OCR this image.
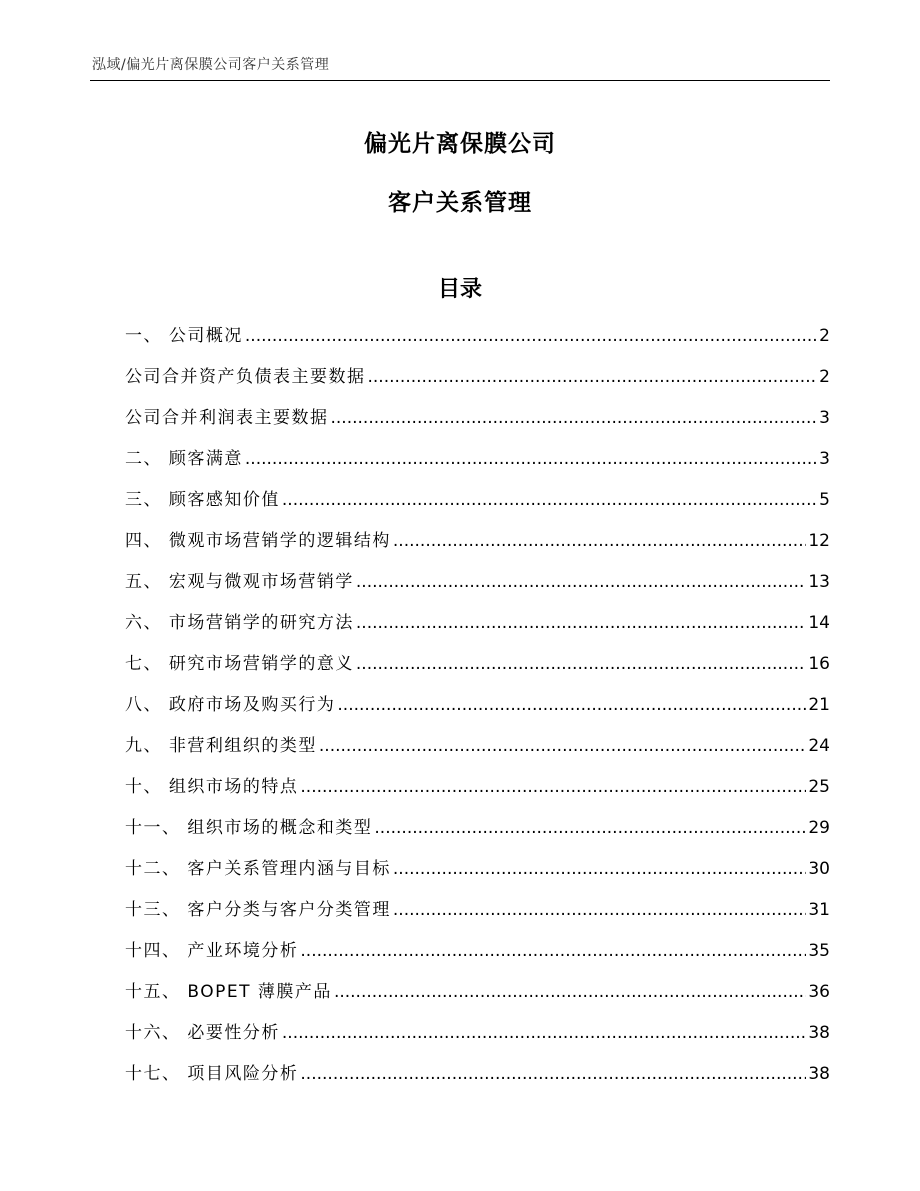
泓域/偏光片离保膜公司客户关系管理
偏光片离保膜公司
客户关系管理
目录
一、 公司概况 .....	2
公司合并资产负债表主要数据 .....	2
公司合并利润表主要数据 .....	3
二、 顾客满意 .....	3
三、 顾客感知价值 .....	5
四、 微观市场营销学的逻辑结构 .....	12
五、 宏观与微观市场营销学 .....	13
六、 市场营销学的研究方法 .....	14
七、 研究市场营销学的意义 .....	16
八、 政府市场及购买行为 .....	21
九、 非营利组织的类型 .....	24
十、 组织市场的特点 .....	25
十一、 组织市场的概念和类型 .....	29
十二、 客户关系管理内涵与目标 .....	30
十三、 客户分类与客户分类管理 .....	31
十四、 产业环境分析 .....	35
十五、 BOPET 薄膜产品 .....	36
十六、 必要性分析 .....	38
十七、 项目风险分析 .....	38
